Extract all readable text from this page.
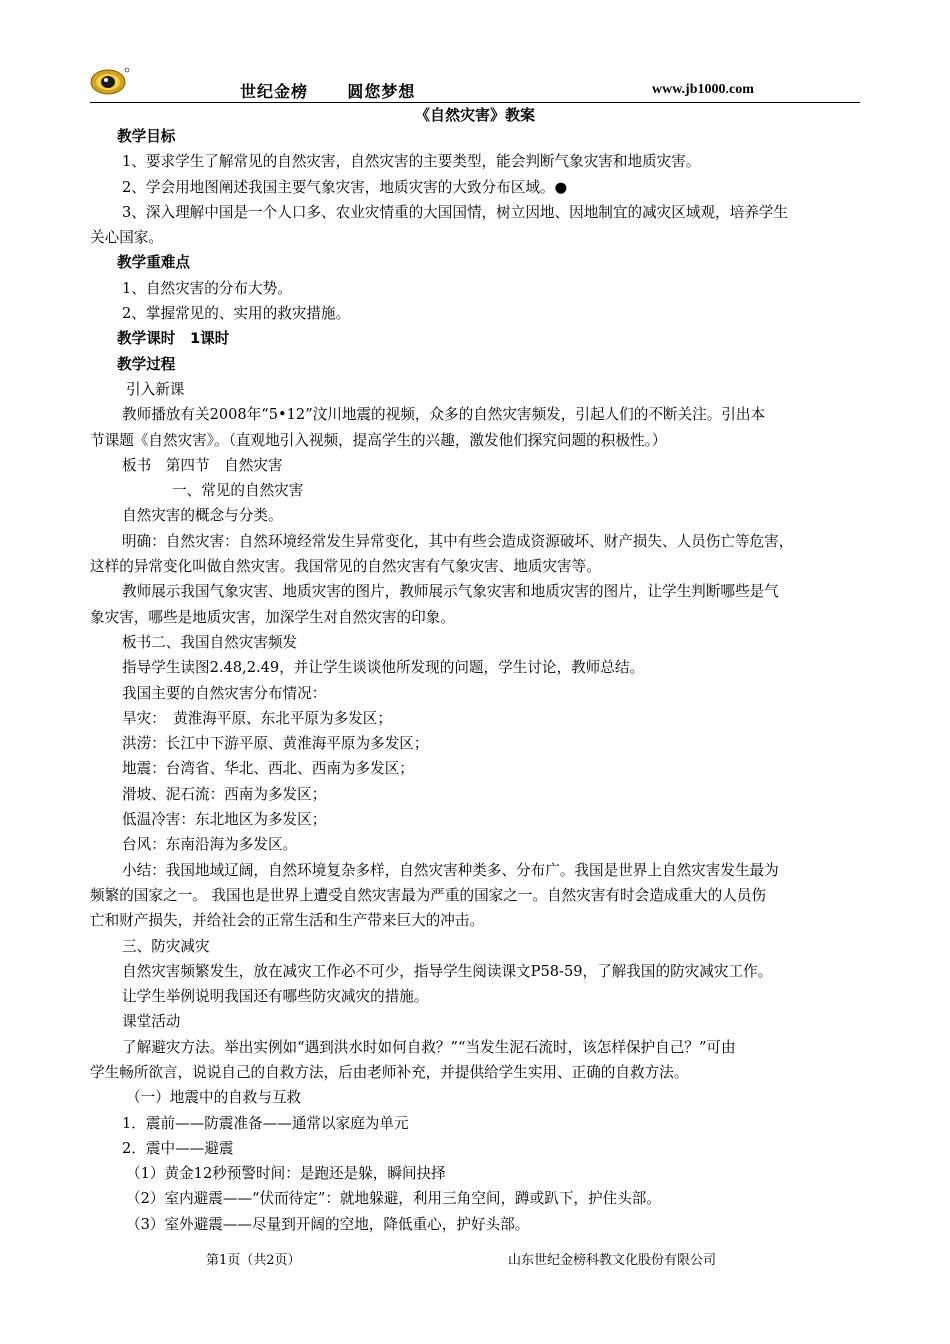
世纪金榜      圆您梦想	www.jb1000.com
《自然灾害》教案
教学目标
1、要求学生了解常见的自然灾害，自然灾害的主要类型，能会判断气象灾害和地质灾害。
2、学会用地图阐述我国主要气象灾害，地质灾害的大致分布区域。●
3、深入理解中国是一个人口多、农业灾情重的大国国情，树立因地、因地制宜的减灾区域观，培养学生
关心国家。
教学重难点
1、自然灾害的分布大势。
2、掌握常见的、实用的救灾措施。
教学课时　1课时
教学过程
引入新课
教师播放有关2008年“5•12”汶川地震的视频，众多的自然灾害频发，引起人们的不断关注。引出本
节课题《自然灾害》。（直观地引入视频，提高学生的兴趣，激发他们探究问题的积极性。）
板书　第四节　自然灾害
一、常见的自然灾害
自然灾害的概念与分类。
明确：自然灾害：自然环境经常发生异常变化，其中有些会造成资源破坏、财产损失、人员伤亡等危害，
这样的异常变化叫做自然灾害。我国常见的自然灾害有气象灾害、地质灾害等。
教师展示我国气象灾害、地质灾害的图片，教师展示气象灾害和地质灾害的图片，让学生判断哪些是气
象灾害，哪些是地质灾害，加深学生对自然灾害的印象。
板书二、我国自然灾害频发
指导学生读图2.48,2.49，并让学生谈谈他所发现的问题，学生讨论，教师总结。
我国主要的自然灾害分布情况：
旱灾：　黄淮海平原、东北平原为多发区；
洪涝：长江中下游平原、黄淮海平原为多发区；
地震：台湾省、华北、西北、西南为多发区；
滑坡、泥石流：西南为多发区；
低温冷害：东北地区为多发区；
台风：东南沿海为多发区。
小结：我国地域辽阔，自然环境复杂多样，自然灾害种类多、分布广。我国是世界上自然灾害发生最为
频繁的国家之一。 我国也是世界上遭受自然灾害最为严重的国家之一。自然灾害有时会造成重大的人员伤
亡和财产损失，并给社会的正常生活和生产带来巨大的冲击。
三、防灾减灾
自然灾害频繁发生，放在减灾工作必不可少，指导学生阅读课文P58-59，了解我国的防灾减灾工作。
让学生举例说明我国还有哪些防灾减灾的措施。
课堂活动
了解避灾方法。举出实例如“遇到洪水时如何自救？”“当发生泥石流时，该怎样保护自己？”可由
学生畅所欲言，说说自己的自救方法，后由老师补充，并提供给学生实用、正确的自救方法。
（一）地震中的自救与互救
1．震前——防震准备——通常以家庭为单元
2．震中——避震
（1）黄金12秒预警时间：是跑还是躲，瞬间抉择
（2）室内避震——“伏而待定”：就地躲避，利用三角空间，蹲或趴下，护住头部。
（3）室外避震——尽量到开阔的空地，降低重心，护好头部。
第1页（共2页）	山东世纪金榜科教文化股份有限公司
